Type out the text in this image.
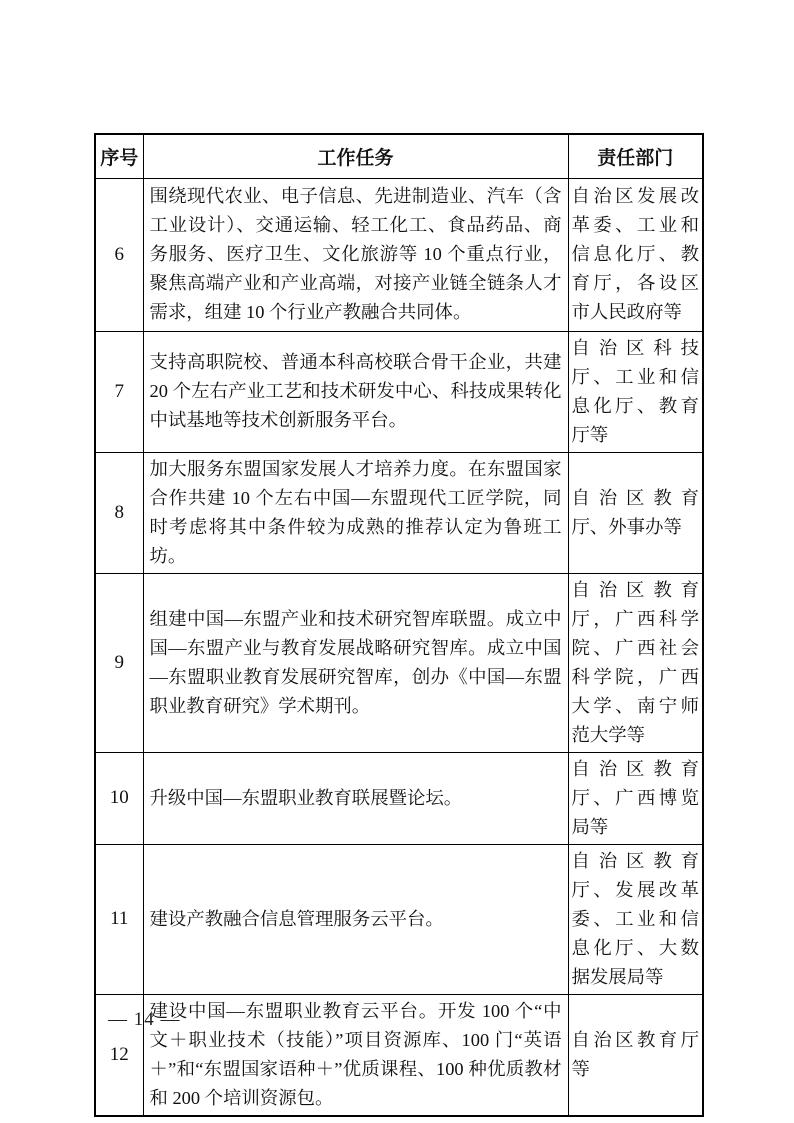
序号	工作任务	责任部门
6	围绕现代农业、电子信息、先进制造业、汽车（含工业设计）、交通运输、轻工化工、食品药品、商务服务、医疗卫生、文化旅游等 10 个重点行业，聚焦高端产业和产业高端，对接产业链全链条人才需求，组建 10 个行业产教融合共同体。	自治区发展改革委、工业和信息化厅、教育厅，各设区市人民政府等
7	支持高职院校、普通本科高校联合骨干企业，共建 20 个左右产业工艺和技术研发中心、科技成果转化中试基地等技术创新服务平台。	自治区科技厅、工业和信息化厅、教育厅等
8	加大服务东盟国家发展人才培养力度。在东盟国家合作共建 10 个左右中国—东盟现代工匠学院，同时考虑将其中条件较为成熟的推荐认定为鲁班工坊。	自治区教育厅、外事办等
9	组建中国—东盟产业和技术研究智库联盟。成立中国—东盟产业与教育发展战略研究智库。成立中国—东盟职业教育发展研究智库，创办《中国—东盟职业教育研究》学术期刊。	自治区教育厅，广西科学院、广西社会科学院，广西大学、南宁师范大学等
10	升级中国—东盟职业教育联展暨论坛。	自治区教育厅、广西博览局等
11	建设产教融合信息管理服务云平台。	自治区教育厅、发展改革委、工业和信息化厅、大数据发展局等
12	建设中国—东盟职业教育云平台。开发 100 个“中文＋职业技术（技能）”项目资源库、100 门“英语＋”和“东盟国家语种＋”优质课程、100 种优质教材和 200 个培训资源包。	自治区教育厅等
— 14 —
